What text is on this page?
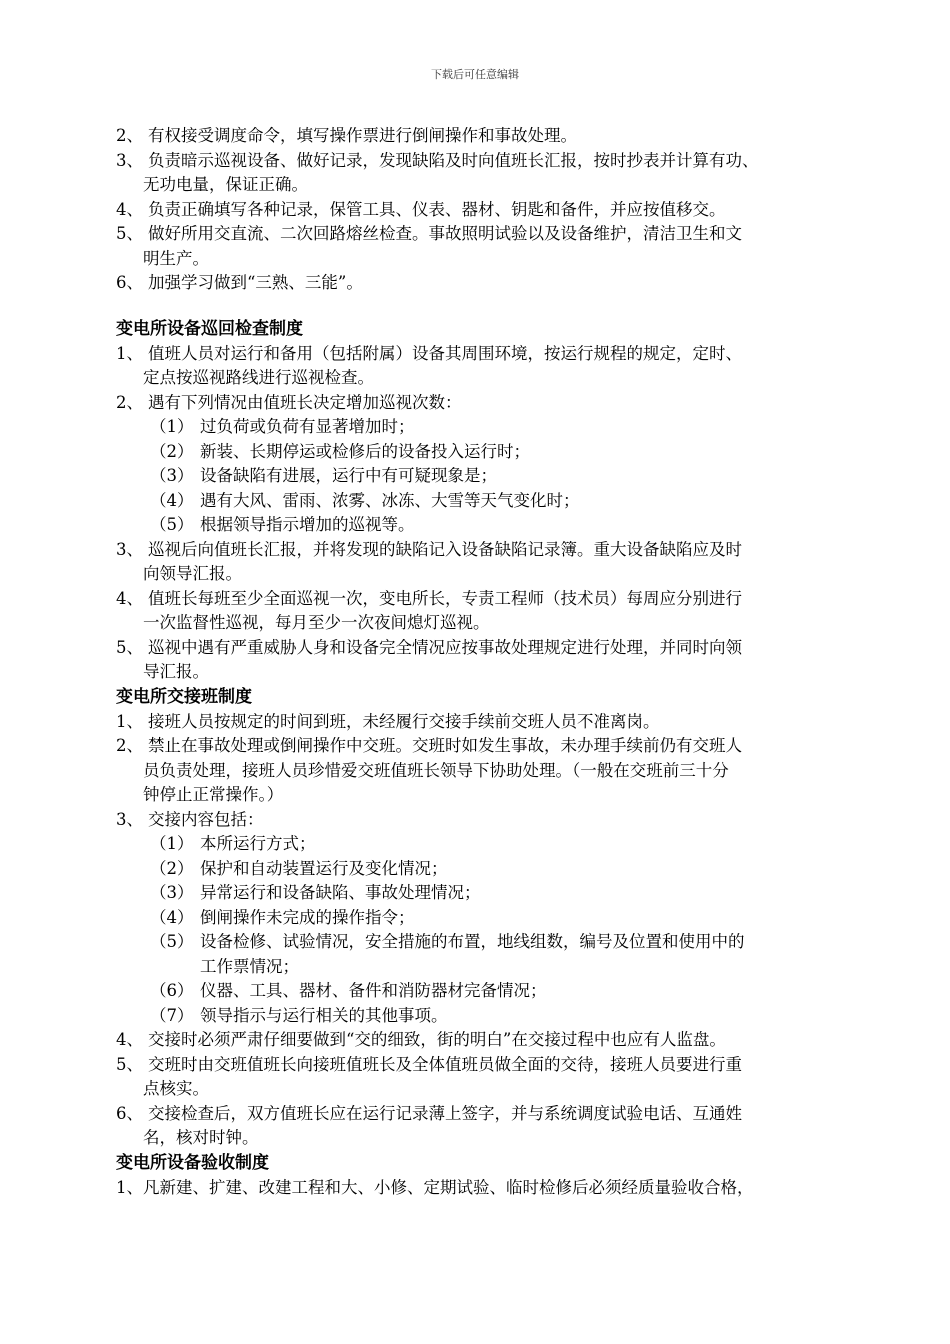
下载后可任意编辑
2、 有权接受调度命令，填写操作票进行倒闸操作和事故处理。
3、 负责暗示巡视设备、做好记录，发现缺陷及时向值班长汇报，按时抄表并计算有功、
无功电量，保证正确。
4、 负责正确填写各种记录，保管工具、仪表、器材、钥匙和备件，并应按值移交。
5、 做好所用交直流、二次回路熔丝检查。事故照明试验以及设备维护，清洁卫生和文
明生产。
6、 加强学习做到“三熟、三能”。
变电所设备巡回检查制度
1、 值班人员对运行和备用（包括附属）设备其周围环境，按运行规程的规定，定时、
定点按巡视路线进行巡视检查。
2、 遇有下列情况由值班长决定增加巡视次数：
（1） 过负荷或负荷有显著增加时；
（2） 新装、长期停运或检修后的设备投入运行时；
（3） 设备缺陷有进展，运行中有可疑现象是；
（4） 遇有大风、雷雨、浓雾、冰冻、大雪等天气变化时；
（5） 根据领导指示增加的巡视等。
3、 巡视后向值班长汇报，并将发现的缺陷记入设备缺陷记录簿。重大设备缺陷应及时
向领导汇报。
4、 值班长每班至少全面巡视一次，变电所长，专责工程师（技术员）每周应分别进行
一次监督性巡视，每月至少一次夜间熄灯巡视。
5、 巡视中遇有严重威胁人身和设备完全情况应按事故处理规定进行处理，并同时向领
导汇报。
变电所交接班制度
1、 接班人员按规定的时间到班，未经履行交接手续前交班人员不准离岗。
2、 禁止在事故处理或倒闸操作中交班。交班时如发生事故，未办理手续前仍有交班人
员负责处理，接班人员珍惜爱交班值班长领导下协助处理。（一般在交班前三十分
钟停止正常操作。）
3、 交接内容包括：
（1） 本所运行方式；
（2） 保护和自动装置运行及变化情况；
（3） 异常运行和设备缺陷、事故处理情况；
（4） 倒闸操作未完成的操作指令；
（5） 设备检修、试验情况，安全措施的布置，地线组数，编号及位置和使用中的
工作票情况；
（6） 仪器、工具、器材、备件和消防器材完备情况；
（7） 领导指示与运行相关的其他事项。
4、 交接时必须严肃仔细要做到“交的细致，街的明白”在交接过程中也应有人监盘。
5、 交班时由交班值班长向接班值班长及全体值班员做全面的交待，接班人员要进行重
点核实。
6、 交接检查后，双方值班长应在运行记录薄上签字，并与系统调度试验电话、互通姓
名，核对时钟。
变电所设备验收制度
1、凡新建、扩建、改建工程和大、小修、定期试验、临时检修后必须经质量验收合格，
